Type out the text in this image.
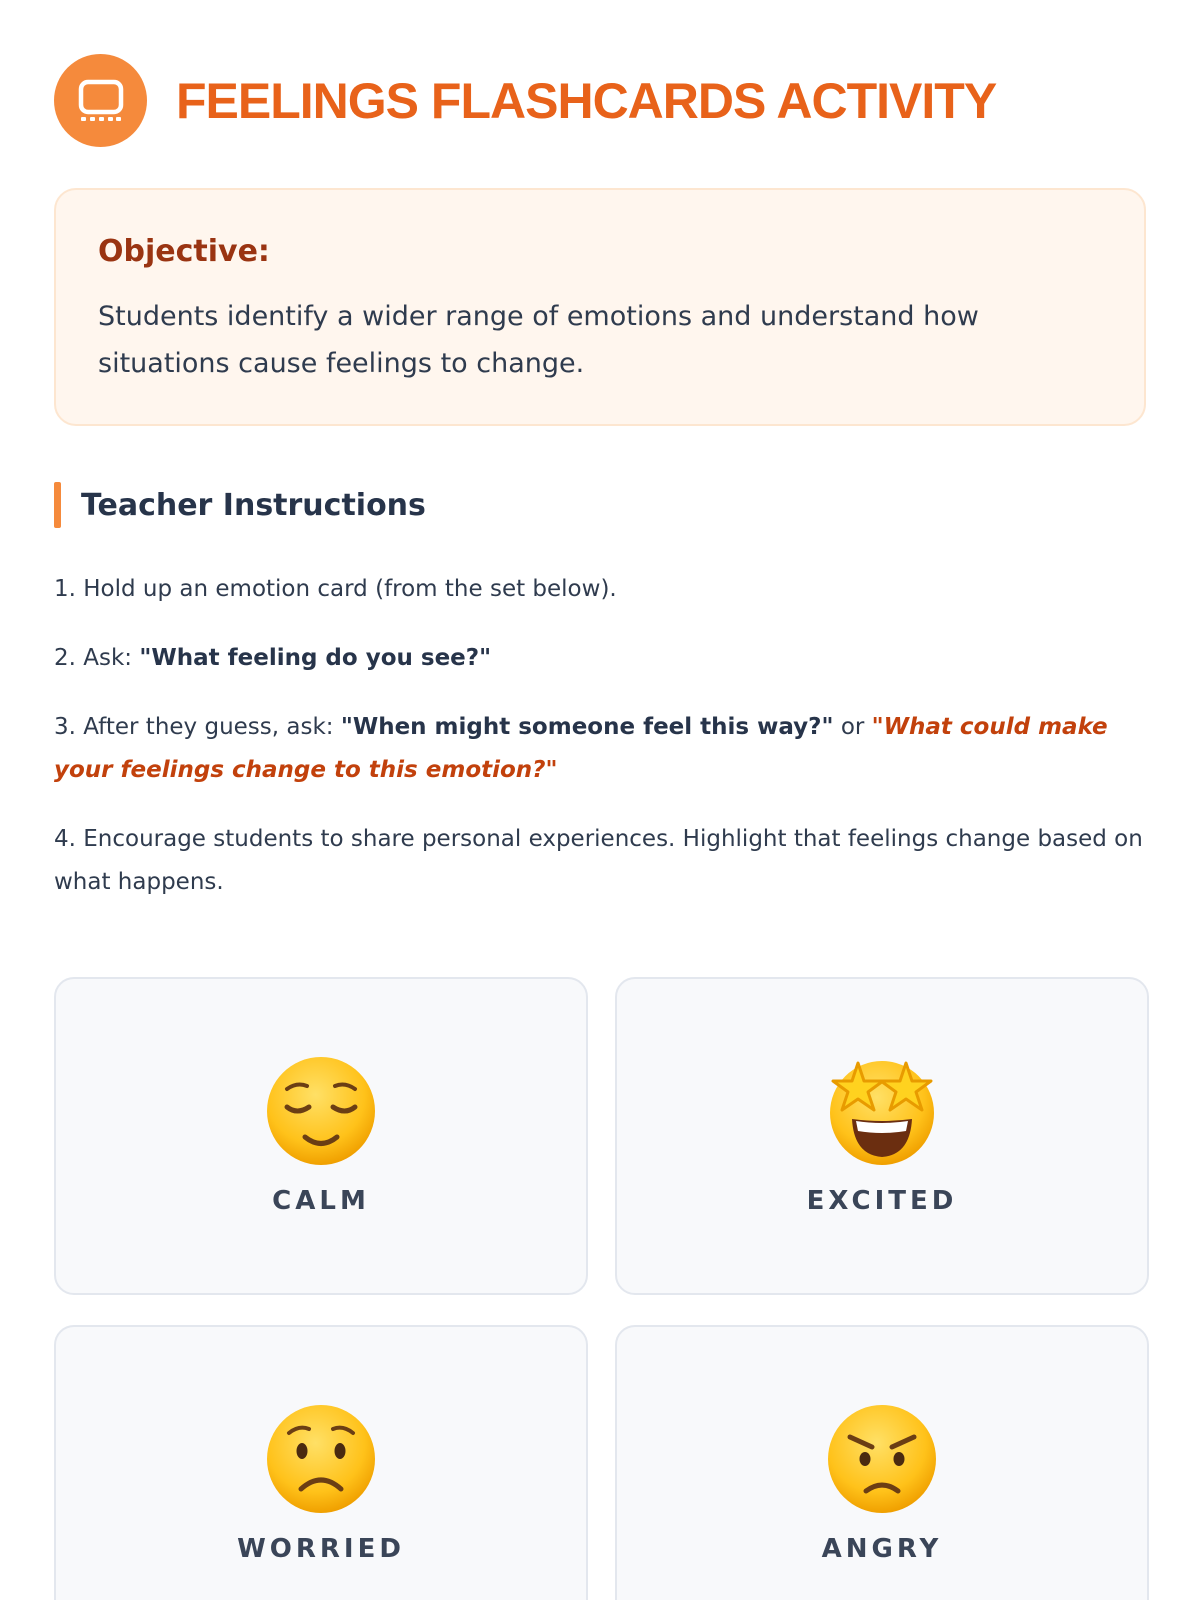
FEELINGS FLASHCARDS ACTIVITY
Objective:
Students identify a wider range of emotions and understand how situations cause feelings to change.
Teacher Instructions

1. Hold up an emotion card (from the set below).

2. Ask: "What feeling do you see?"

3. After they guess, ask: "When might someone feel this way?" or "What could make your feelings change to this emotion?"

4. Encourage students to share personal experiences. Highlight that feelings change based on what happens.

CALM	EXCITED
WORRIED	ANGRY
